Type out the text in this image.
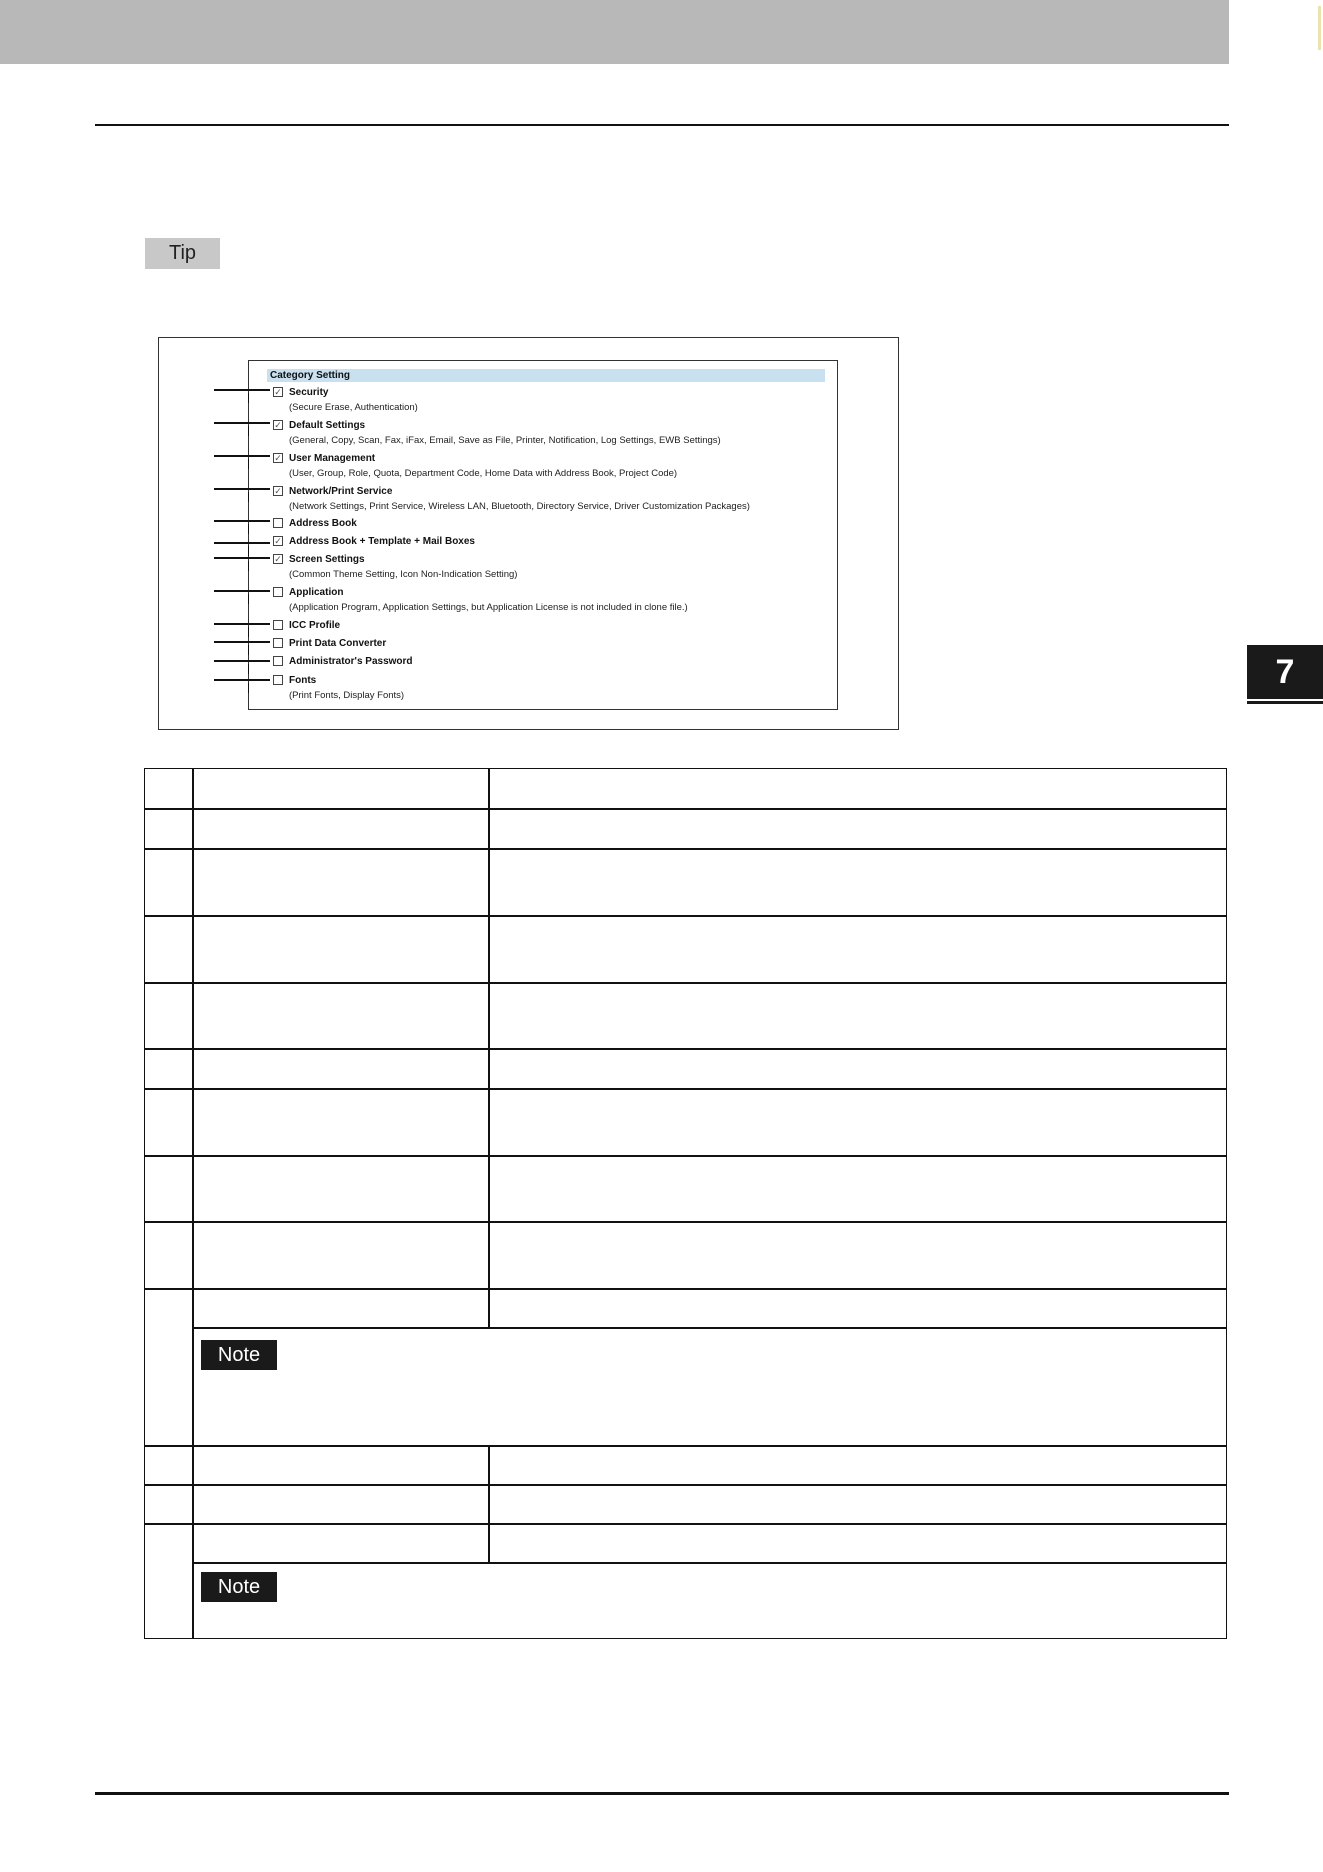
Tip
7
Category Setting
✓ Security
(Secure Erase, Authentication)
✓ Default Settings
(General, Copy, Scan, Fax, iFax, Email, Save as File, Printer, Notification, Log Settings, EWB Settings)
✓ User Management
(User, Group, Role, Quota, Department Code, Home Data with Address Book, Project Code)
✓ Network/Print Service
(Network Settings, Print Service, Wireless LAN, Bluetooth, Directory Service, Driver Customization Packages)
Address Book
✓ Address Book + Template + Mail Boxes
✓ Screen Settings
(Common Theme Setting, Icon Non-Indication Setting)
Application
(Application Program, Application Settings, but Application License is not included in clone file.)
ICC Profile
Print Data Converter
Administrator's Password
Fonts
(Print Fonts, Display Fonts)
Note
Note
